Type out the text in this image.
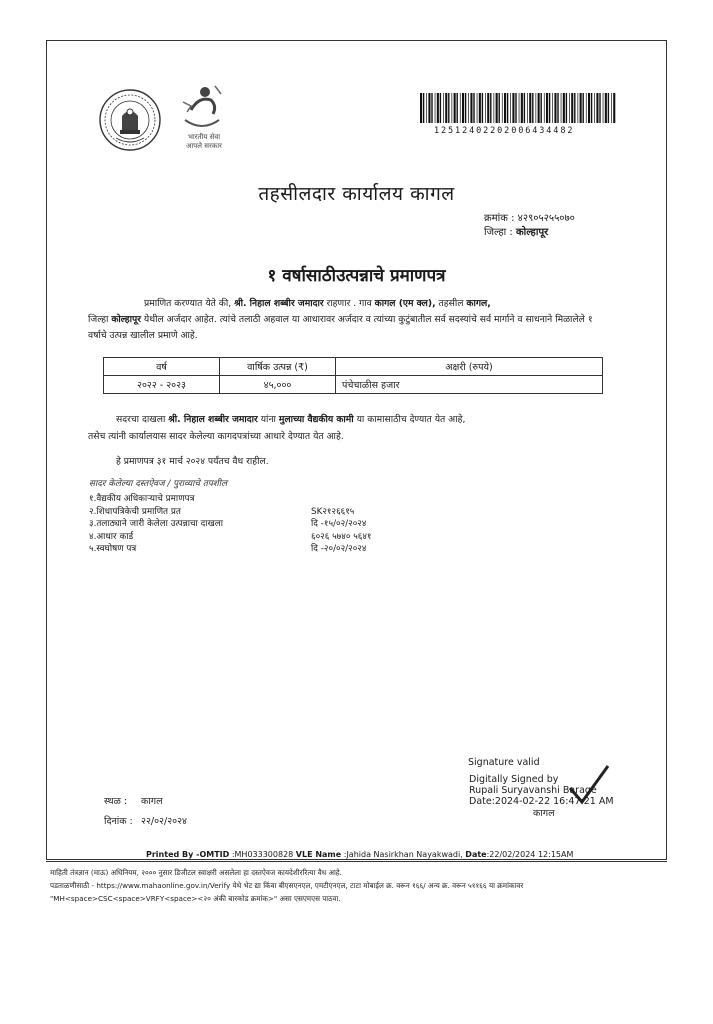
भारतीय सेवा
आपले सरकार
12512402202006434482
तहसीलदार कार्यालय कागल
क्रमांक : ४२९०५२५५०७०
जिल्हा : कोल्हापूर
१ वर्षासाठीउत्पन्नाचे प्रमाणपत्र
प्रमाणित करण्यात येते की, श्री. निहाल शब्बीर जमादार राहणार . गाव कागल (एम क्ल), तहसील कागल,
जिल्हा कोल्हापूर येथील अर्जदार आहेत. त्यांचे तलाठी अहवाल या आधारावर अर्जदार व त्यांच्या कुटुंबातील सर्व सदस्यांचे सर्व मार्गाने व साधनाने मिळालेले १ वर्षाचे उत्पन्न खालील प्रमाणे आहे.
वर्ष	वार्षिक उत्पन्न (₹)	अक्षरी (रुपये)
२०२२ - २०२३	४५,०००	पंचेचाळीस हजार
सदरचा दाखला श्री. निहाल शब्बीर जमादार यांना मुलाच्या वैद्यकीय कामी या कामासाठीच देण्यात येत आहे,
तसेच त्यांनी कार्यालयास सादर केलेल्या कागदपत्रांच्या आधारे देण्यात येत आहे.
हे प्रमाणपत्र ३१ मार्च २०२४ पर्यंतच वैध राहील.
सादर केलेल्या दस्तऐवज / पुराव्याचे तपशील
१.वैद्यकीय अधिकाऱ्याचे प्रमाणपत्र
२.शिधापत्रिकेची प्रमाणित प्रत	SK२१२६६१५
३.तलाठ्याने जारी केलेला उत्पन्नाचा दाखला	दि -१५/०२/२०२४
४.आधार कार्ड	६०२६ ५७४० ५६४१
५.स्वघोषण पत्र	दि -२०/०२/२०२४
Signature valid
Digitally Signed by
Rupali Suryavanshi Barage
Date:2024-02-22 16:47:21 AM
कागल
स्थळ : कागल
दिनांक : २२/०२/२०२४
Printed By -OMTID :MH033300828 VLE Name :Jahida Nasirkhan Nayakwadi, Date:22/02/2024 12:15AM
माहिती तंत्रज्ञान (माऊ) अधिनियम, २००० नुसार डिजीटल स्वाक्षरी असलेला हा दस्तऐवज कायदेशीररित्या वैध आहे.
पडताळणीसाठी - https://www.mahaonline.gov.in/Verify येथे भेट द्या किंवा बीएसएनएल, एमटीएनएल, टाटा मोबाईल क्र. वरून १६६/ अन्य क्र. वरून ५११६६ या क्रमांकावर
"MH<space>CSC<space>VRFY<space><२० अंकी बारकोड क्रमांक>" असा एसएमएस पाठवा.
